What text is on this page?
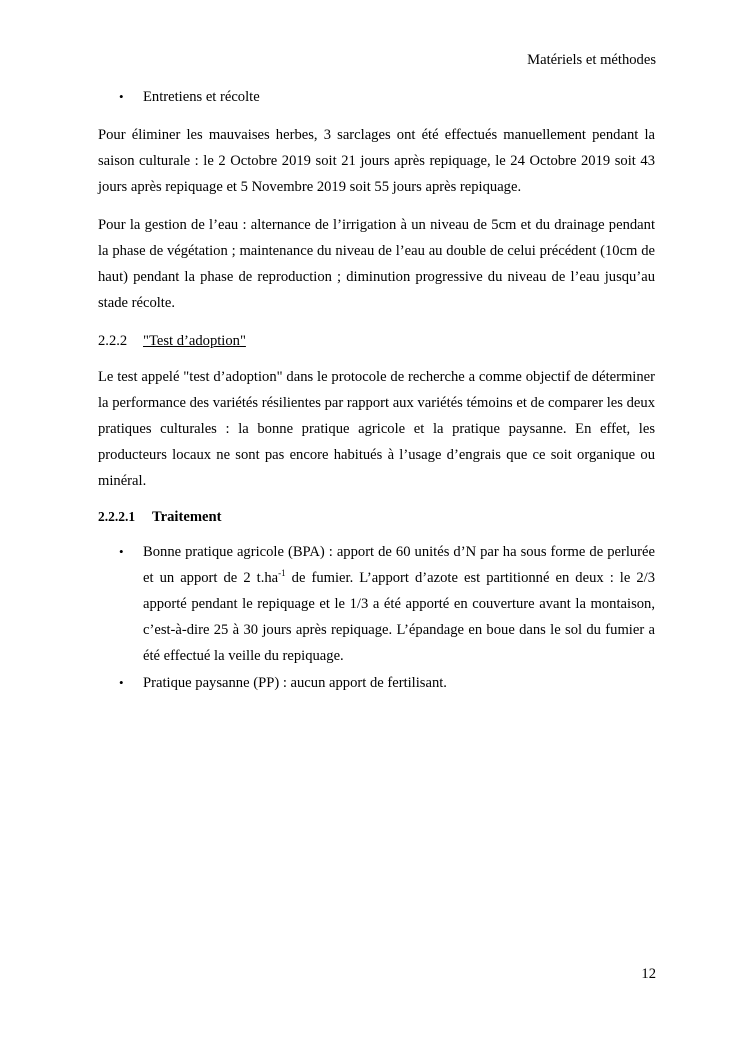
Matériels et méthodes
•	Entretiens et récolte

Pour éliminer les mauvaises herbes, 3 sarclages ont été effectués manuellement pendant la saison culturale : le 2 Octobre 2019 soit 21 jours après repiquage, le 24 Octobre 2019 soit 43 jours après repiquage et 5 Novembre 2019 soit 55 jours après repiquage.

Pour la gestion de l’eau : alternance de l’irrigation à un niveau de 5cm et du drainage pendant la phase de végétation ; maintenance du niveau de l’eau au double de celui précédent (10cm de haut) pendant la phase de reproduction ; diminution progressive du niveau de l’eau jusqu’au stade récolte.

2.2.2	"Test d’adoption"

Le test appelé "test d’adoption" dans le protocole de recherche a comme objectif de déterminer la performance des variétés résilientes par rapport aux variétés témoins et de comparer les deux pratiques culturales : la bonne pratique agricole et la pratique paysanne. En effet, les producteurs locaux ne sont pas encore habitués à l’usage d’engrais que ce soit organique ou minéral.

2.2.2.1	Traitement
•	Bonne pratique agricole (BPA) : apport de 60 unités d’N par ha sous forme de perlurée et un apport de 2 $t.ha^{-1}$ de fumier. L’apport d’azote est partitionné en deux : le 2/3 apporté pendant le repiquage et le 1/3 a été apporté en couverture avant la montaison, c’est-à-dire 25 à 30 jours après repiquage. L’épandage en boue dans le sol du fumier a été effectué la veille du repiquage.
•	Pratique paysanne (PP) : aucun apport de fertilisant.
12
